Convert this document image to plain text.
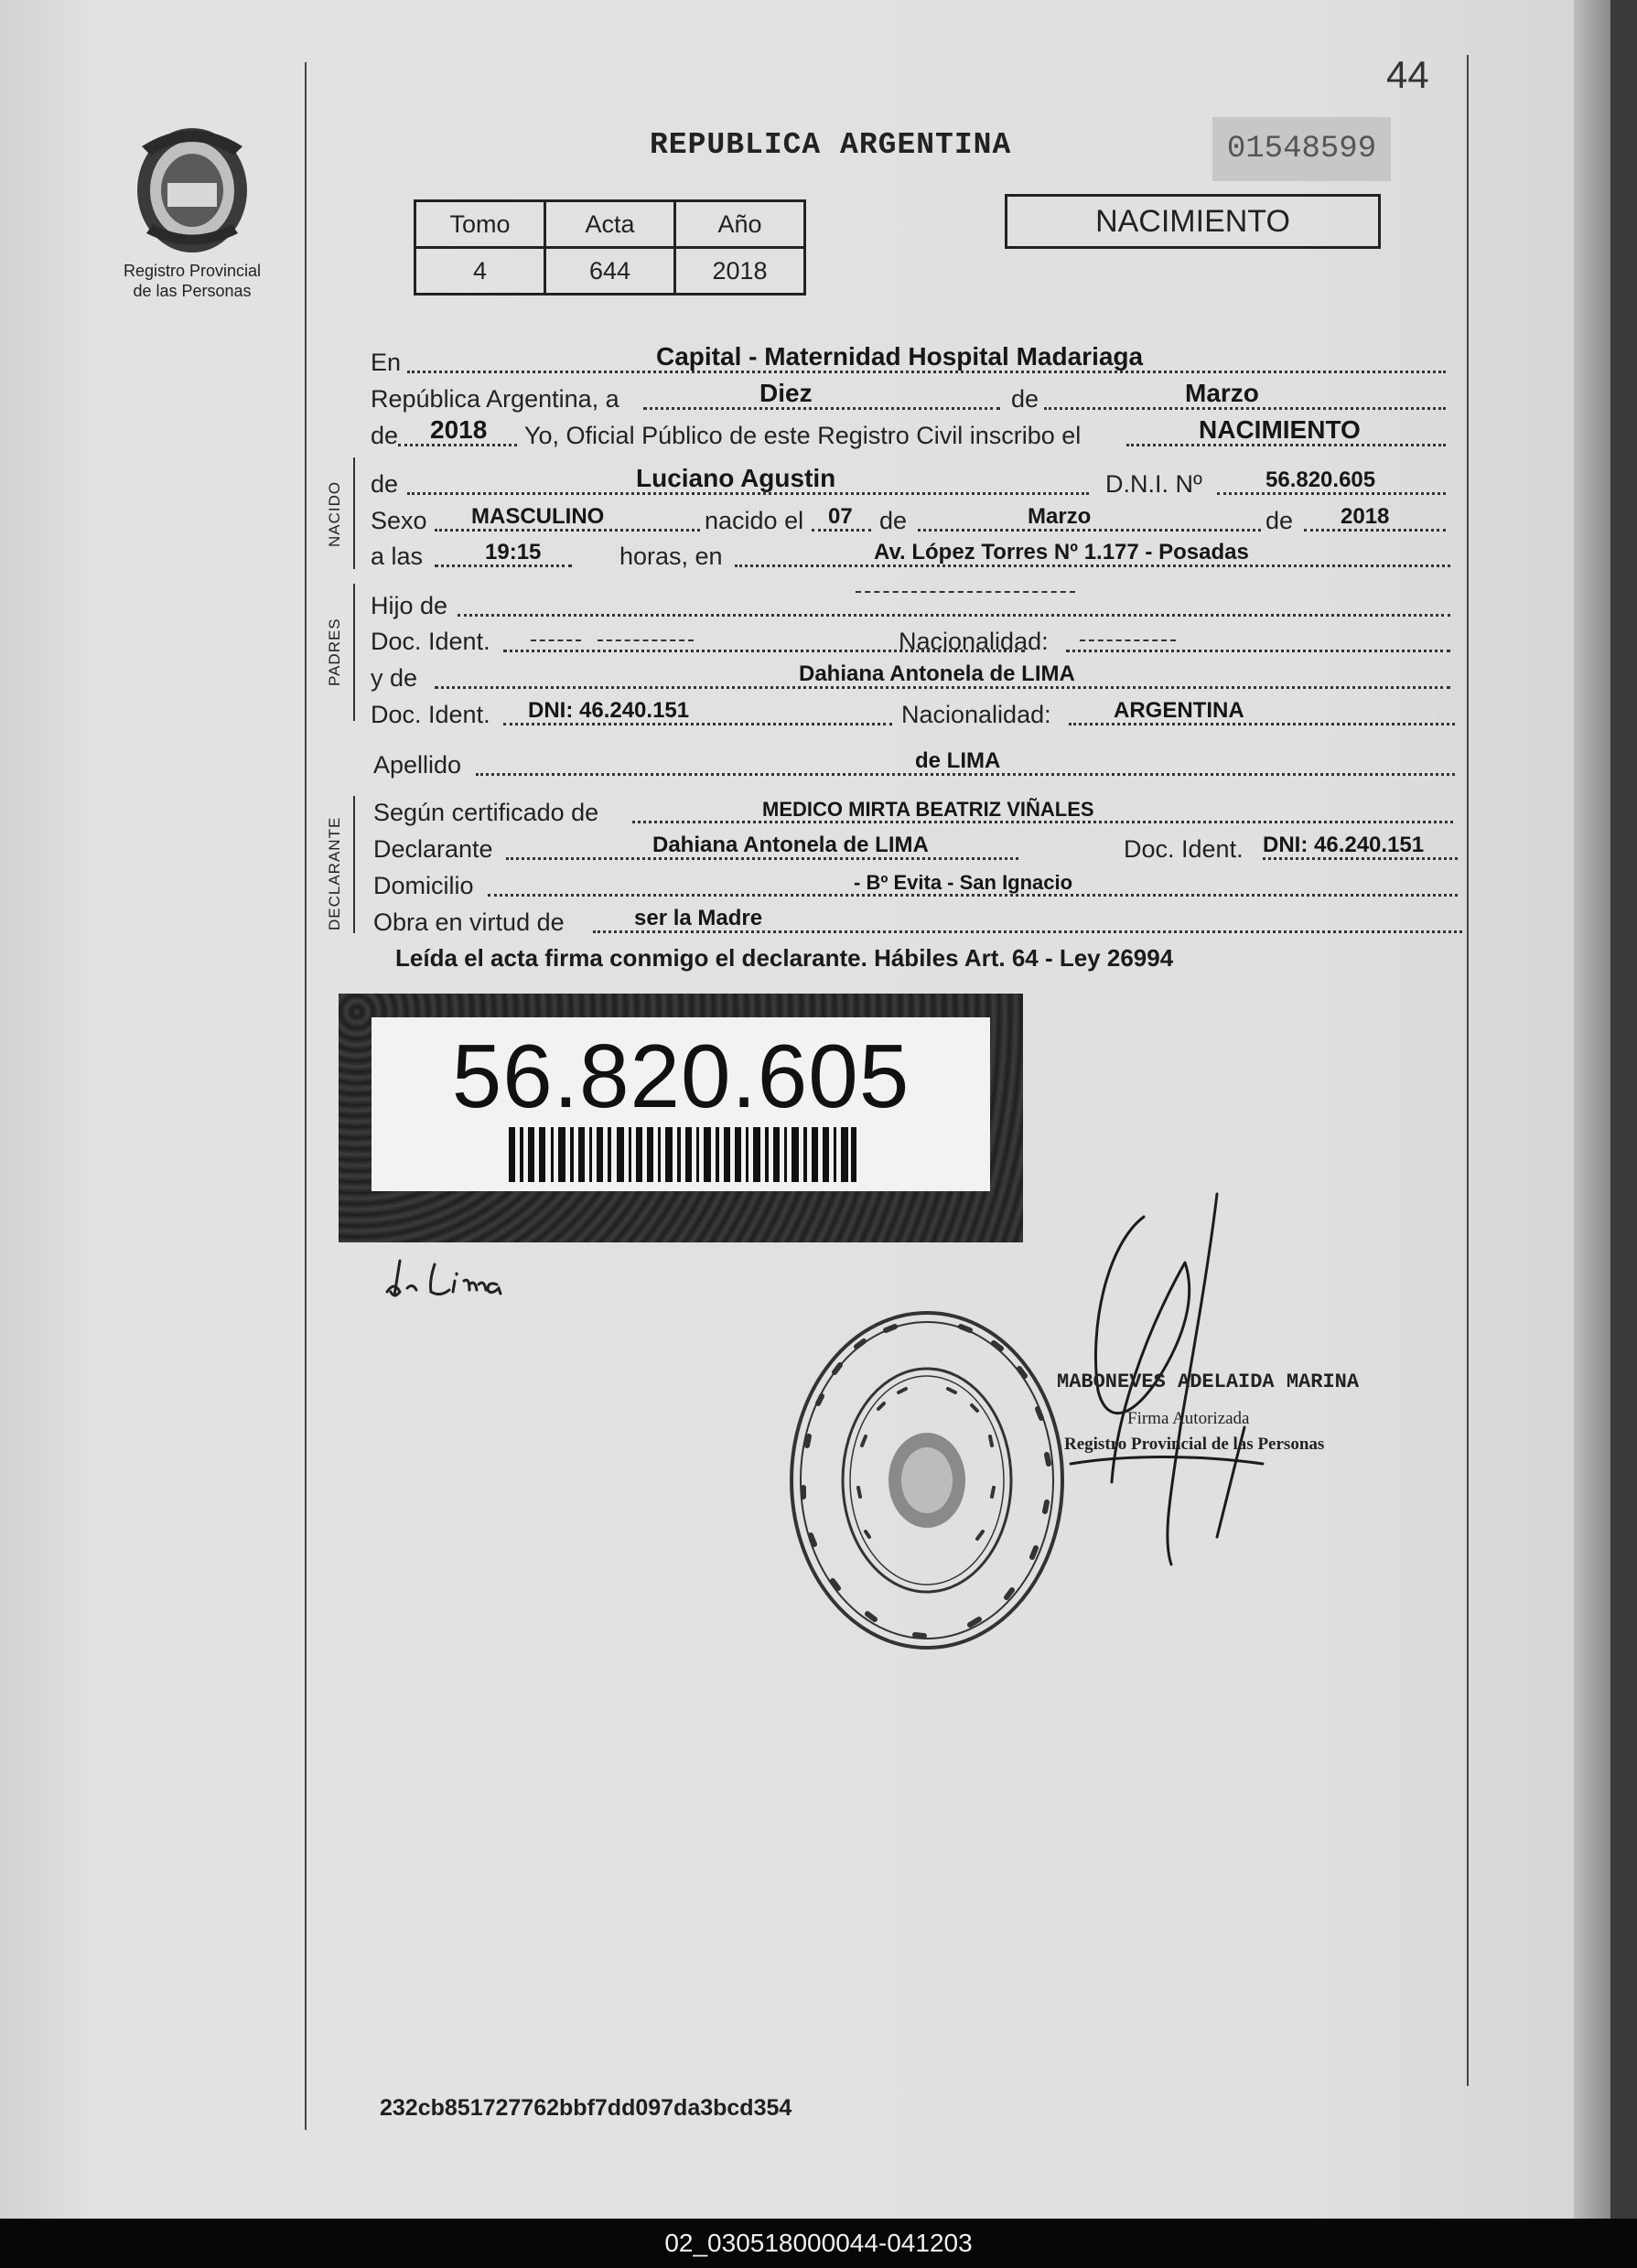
44
Registro Provincial
de las Personas
REPUBLICA ARGENTINA	01548599
Tomo	Acta	Año
4	644	2018
NACIMIENTO
En	Capital - Maternidad Hospital Madariaga
República Argentina, a	Diez	de	Marzo
de 2018 Yo, Oficial Público de este Registro Civil inscribo el	NACIMIENTO
NACIDO de	Luciano Agustin	D.N.I. Nº	56.820.605
Sexo MASCULINO	nacido el 07 de	Marzo	de 2018
a las	19:15	horas, en	Av. López Torres Nº 1.177 - Posadas
PADRES
Hijo de
Doc. Ident.	Nacionalidad:
y de	Dahiana Antonela de LIMA
Doc. Ident. DNI: 46.240.151	Nacionalidad:	ARGENTINA
Apellido	de LIMA
DECLARANTE
Según certificado de	MEDICO MIRTA BEATRIZ VIÑALES
Declarante	Dahiana Antonela de LIMA	Doc. Ident. DNI: 46.240.151
Domicilio	- Bº Evita - San Ignacio
Obra en virtud de	ser la Madre
Leída el acta firma conmigo el declarante. Hábiles Art. 64 - Ley 26994
56.820.605
MABONEVES ADELAIDA MARINA
Firma Autorizada
Registro Provincial de las Personas
232cb851727762bbf7dd097da3bcd354
02_030518000044-041203
